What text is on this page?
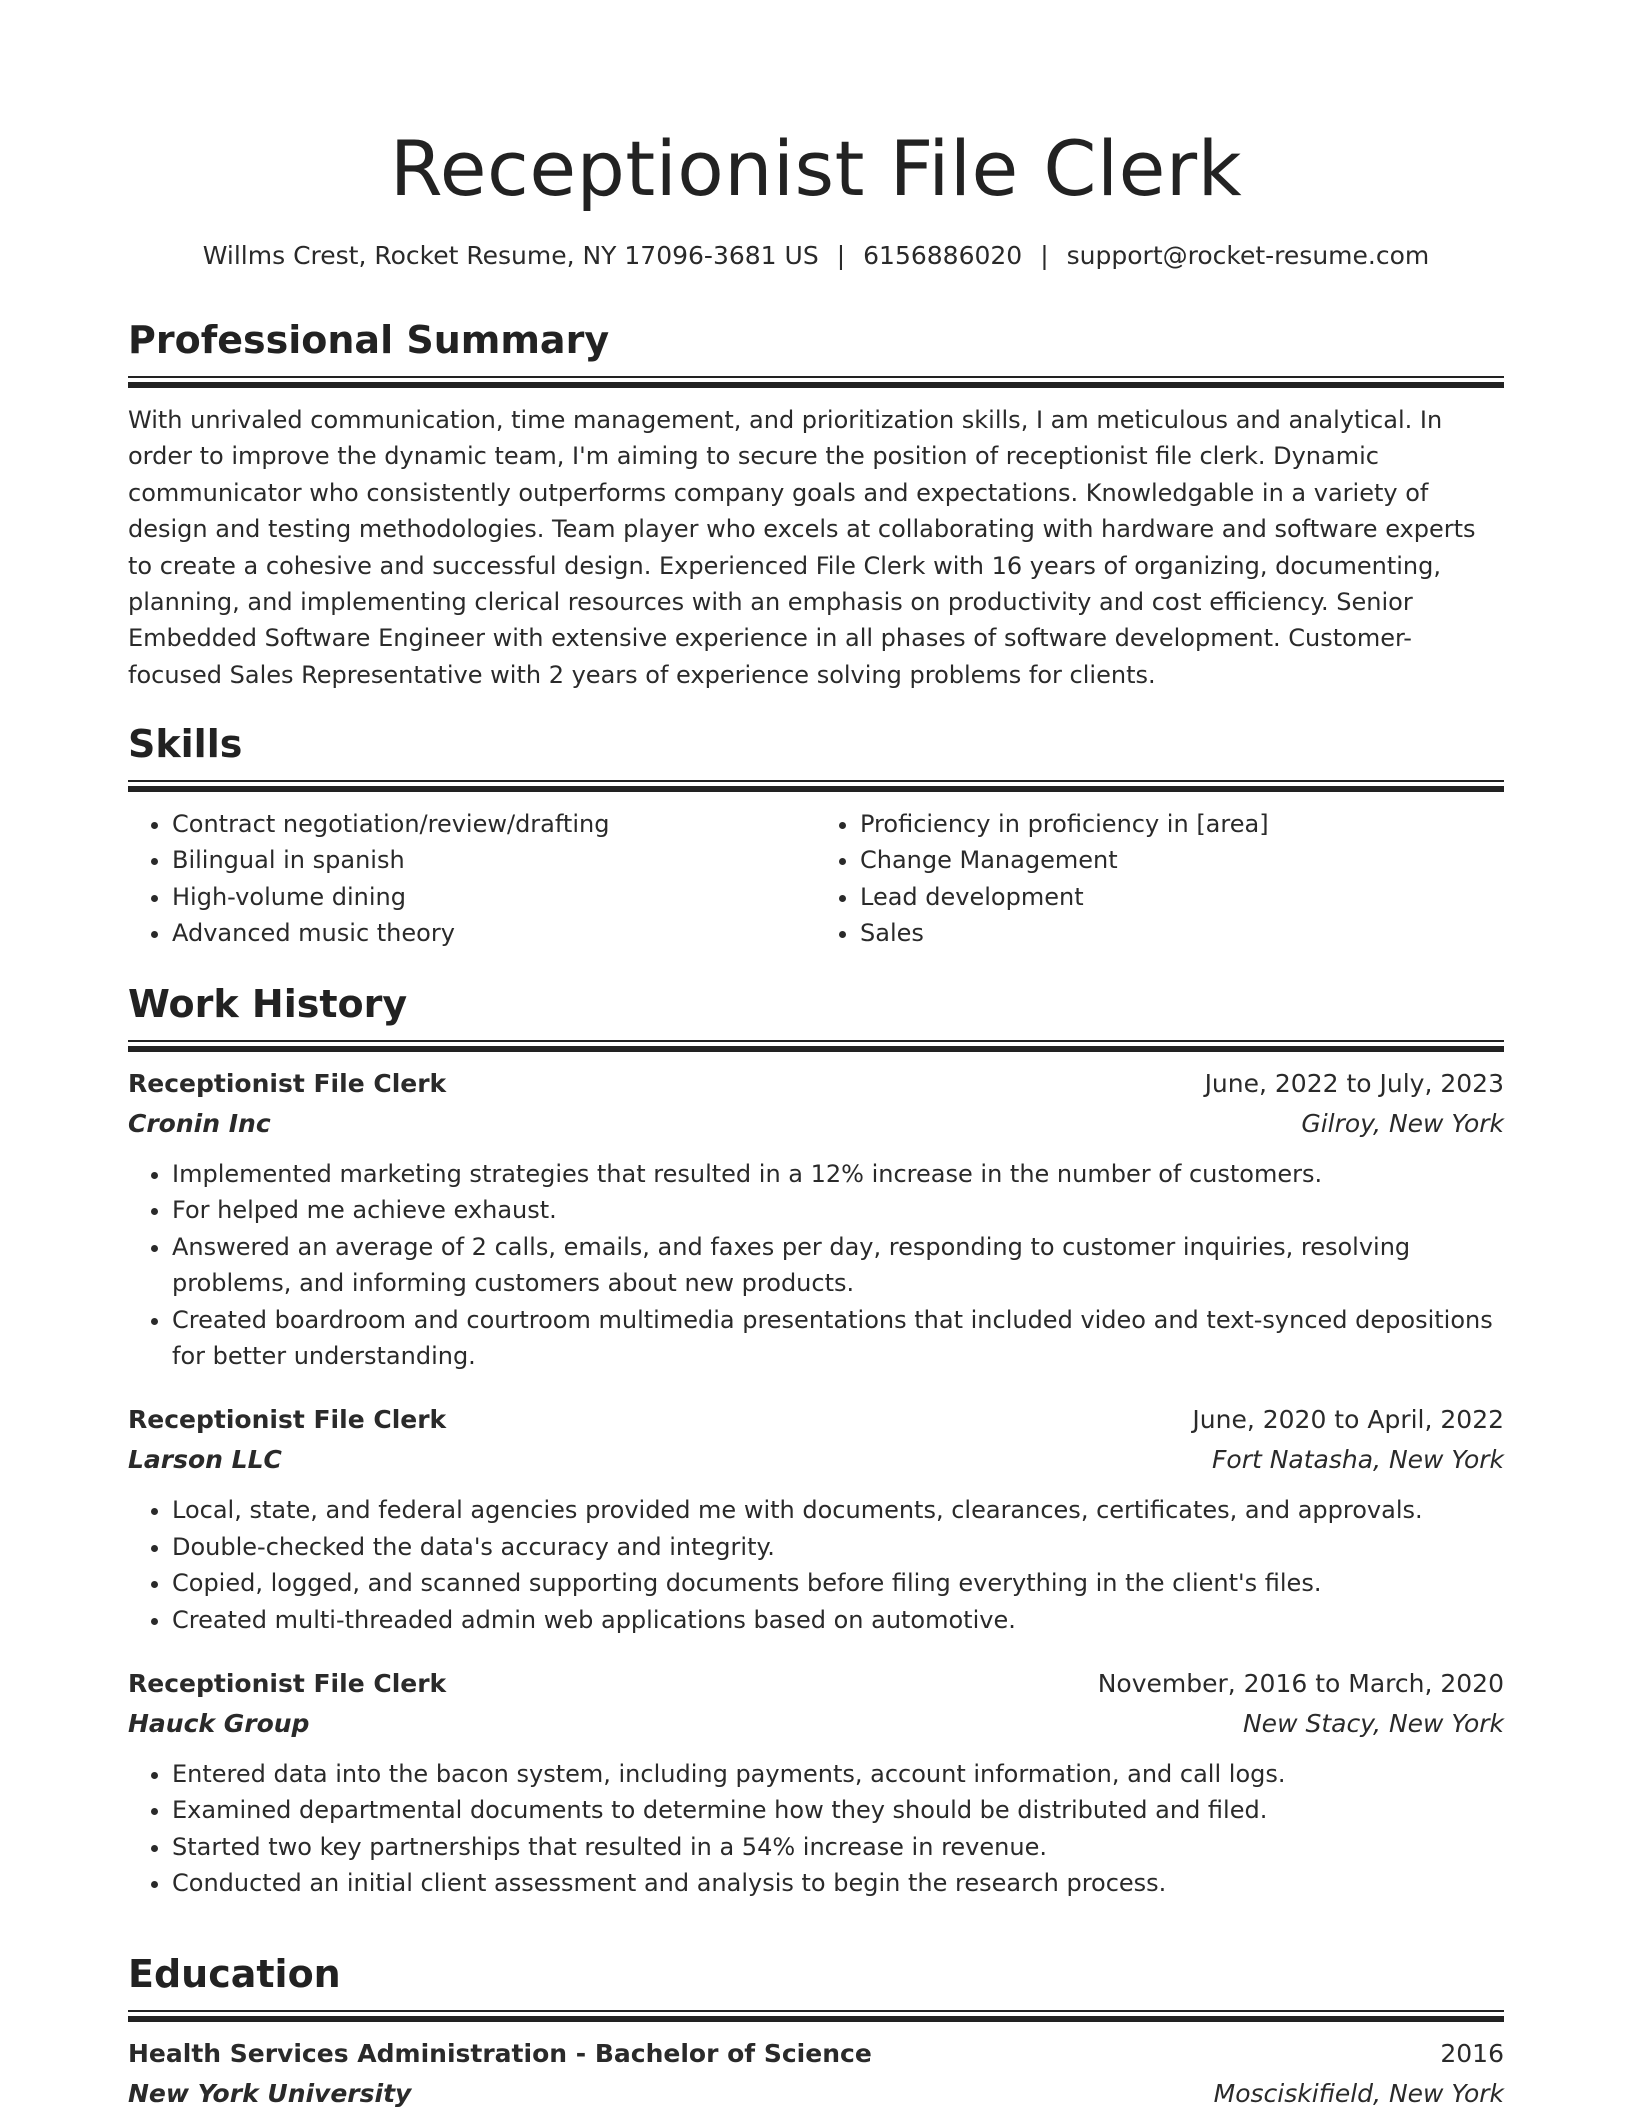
Receptionist File Clerk
Willms Crest, Rocket Resume, NY 17096-3681 US | 6156886020 | support@rocket-resume.com
Professional Summary
With unrivaled communication, time management, and prioritization skills, I am meticulous and analytical. In order to improve the dynamic team, I'm aiming to secure the position of receptionist file clerk. Dynamic communicator who consistently outperforms company goals and expectations. Knowledgable in a variety of design and testing methodologies. Team player who excels at collaborating with hardware and software experts to create a cohesive and successful design. Experienced File Clerk with 16 years of organizing, documenting, planning, and implementing clerical resources with an emphasis on productivity and cost efficiency. Senior Embedded Software Engineer with extensive experience in all phases of software development. Customer-focused Sales Representative with 2 years of experience solving problems for clients.
Skills
• Contract negotiation/review/drafting
• Bilingual in spanish
• High-volume dining
• Advanced music theory
• Proficiency in proficiency in [area]
• Change Management
• Lead development
• Sales
Work History
Receptionist File Clerk	June, 2022 to July, 2023
Cronin Inc	Gilroy, New York
• Implemented marketing strategies that resulted in a 12% increase in the number of customers.
• For helped me achieve exhaust.
• Answered an average of 2 calls, emails, and faxes per day, responding to customer inquiries, resolving problems, and informing customers about new products.
• Created boardroom and courtroom multimedia presentations that included video and text-synced depositions for better understanding.
Receptionist File Clerk	June, 2020 to April, 2022
Larson LLC	Fort Natasha, New York
• Local, state, and federal agencies provided me with documents, clearances, certificates, and approvals.
• Double-checked the data's accuracy and integrity.
• Copied, logged, and scanned supporting documents before filing everything in the client's files.
• Created multi-threaded admin web applications based on automotive.
Receptionist File Clerk	November, 2016 to March, 2020
Hauck Group	New Stacy, New York
• Entered data into the bacon system, including payments, account information, and call logs.
• Examined departmental documents to determine how they should be distributed and filed.
• Started two key partnerships that resulted in a 54% increase in revenue.
• Conducted an initial client assessment and analysis to begin the research process.
Education
Health Services Administration - Bachelor of Science	2016
New York University	Mosciskifield, New York
